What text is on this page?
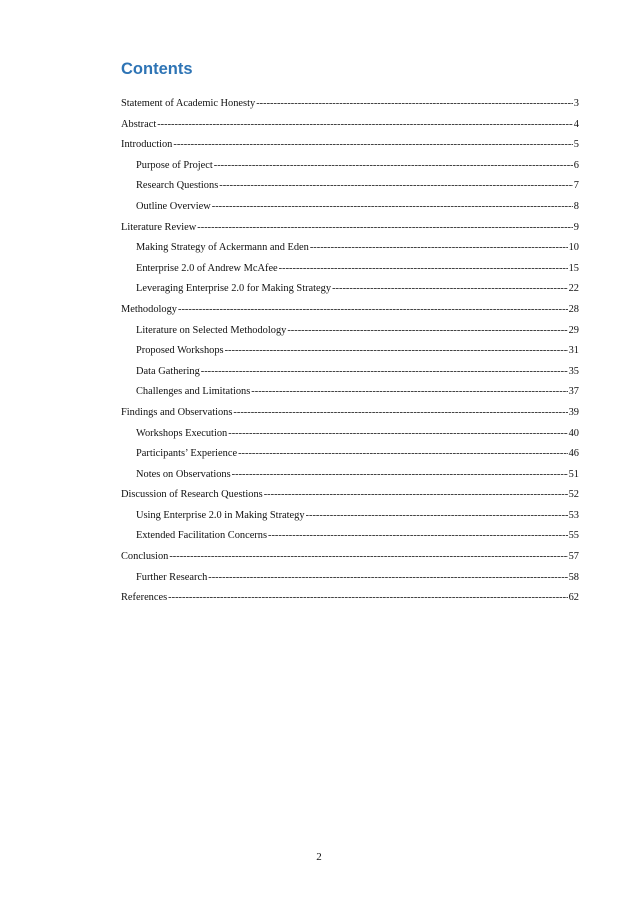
Contents
Statement of Academic Honesty -----	3
Abstract -----	4
Introduction -----	5
Purpose of Project -----	6
Research Questions -----	7
Outline Overview -----	8
Literature Review -----	9
Making Strategy of Ackermann and Eden -----	10
Enterprise 2.0 of Andrew McAfee -----	15
Leveraging Enterprise 2.0 for Making Strategy -----	22
Methodology -----	28
Literature on Selected Methodology -----	29
Proposed Workshops -----	31
Data Gathering -----	35
Challenges and Limitations -----	37
Findings and Observations -----	39
Workshops Execution -----	40
Participants’ Experience -----	46
Notes on Observations -----	51
Discussion of Research Questions -----	52
Using Enterprise 2.0 in Making Strategy -----	53
Extended Facilitation Concerns -----	55
Conclusion -----	57
Further Research -----	58
References -----	62
2
